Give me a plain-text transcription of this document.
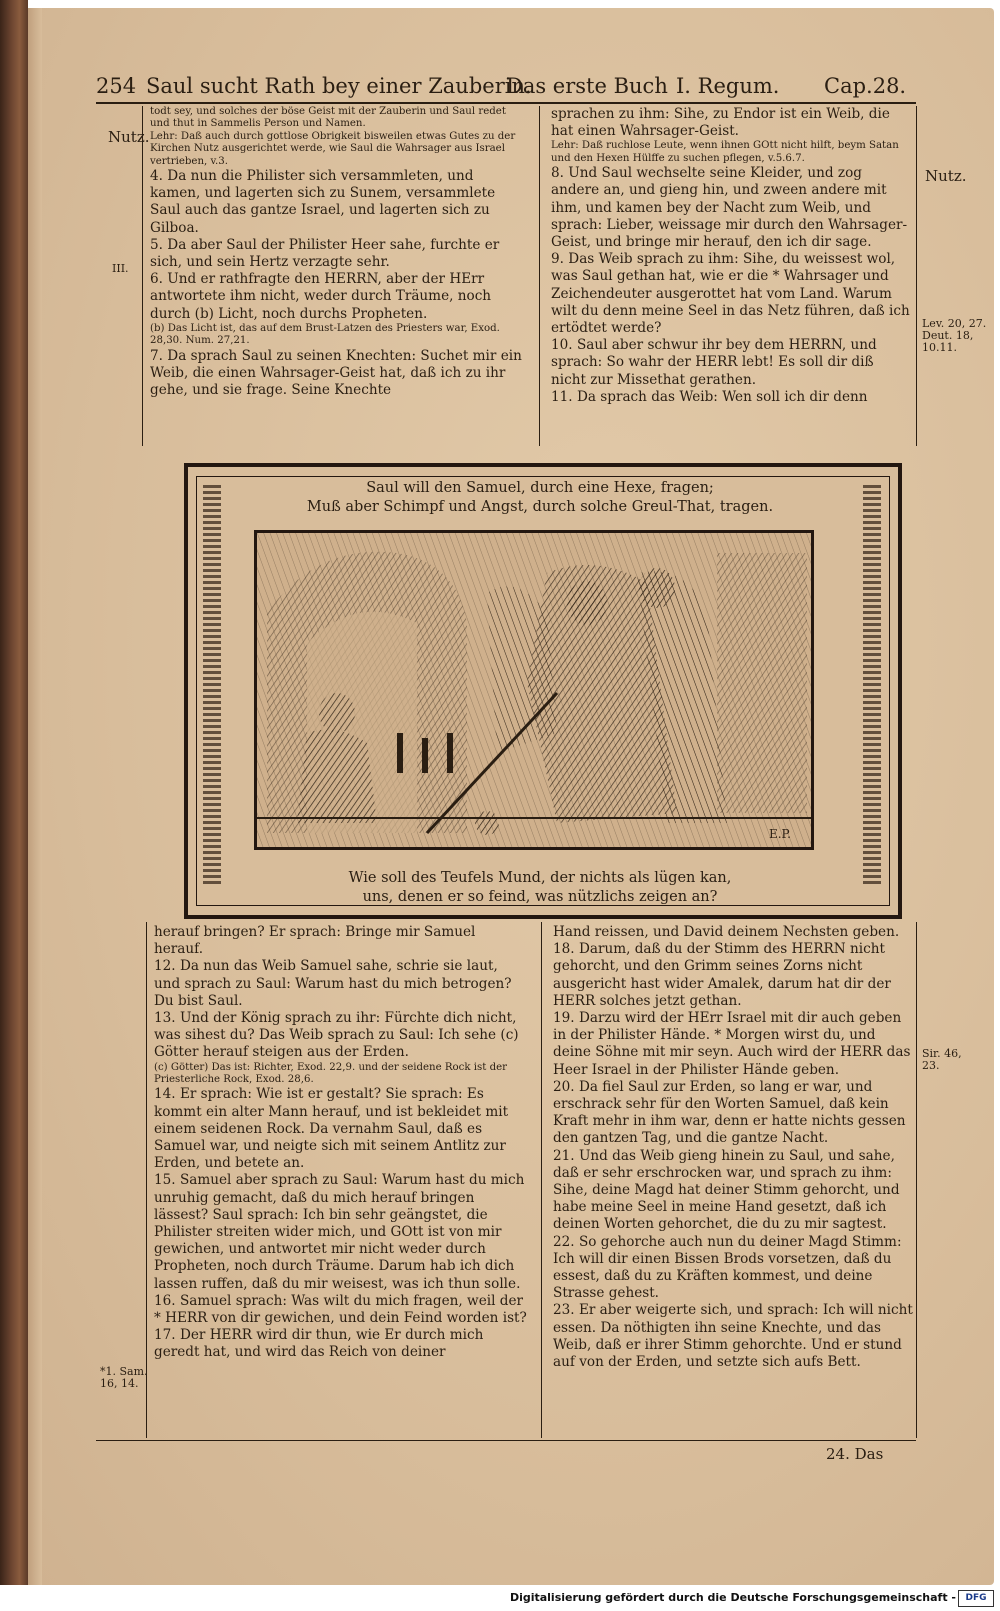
254 Saul sucht Rath bey einer Zauberin.
Das erste Buch I. Regum. Cap.28.

todt sey, und solches der böse Geist mit der Zauberin und Saul redet und thut in Sammelis Person und Namen.

Lehr: Daß auch durch gottlose Obrigkeit bisweilen etwas Gutes zu der Kirchen Nutz ausgerichtet werde, wie Saul die Wahrsager aus Israel vertrieben, v.3.

4. Da nun die Philister sich versammleten, und kamen, und lagerten sich zu Sunem, versammlete Saul auch das gantze Israel, und lagerten sich zu Gilboa.

5. Da aber Saul der Philister Heer sahe, furchte er sich, und sein Hertz verzagte sehr.

6. Und er rathfragte den HERRN, aber der HErr antwortete ihm nicht, weder durch Träume, noch durch (b) Licht, noch durchs Propheten.

(b) Das Licht ist, das auf dem Brust-Latzen des Priesters war, Exod. 28,30. Num. 27,21.

7. Da sprach Saul zu seinen Knechten: Suchet mir ein Weib, die einen Wahrsager-Geist hat, daß ich zu ihr gehe, und sie frage. Seine Knechte

sprachen zu ihm: Sihe, zu Endor ist ein Weib, die hat einen Wahrsager-Geist.

Lehr: Daß ruchlose Leute, wenn ihnen GOtt nicht hilft, beym Satan und den Hexen Hülffe zu suchen pflegen, v.5.6.7.

8. Und Saul wechselte seine Kleider, und zog andere an, und gieng hin, und zween andere mit ihm, und kamen bey der Nacht zum Weib, und sprach: Lieber, weissage mir durch den Wahrsager-Geist, und bringe mir herauf, den ich dir sage.

9. Das Weib sprach zu ihm: Sihe, du weissest wol, was Saul gethan hat, wie er die * Wahrsager und Zeichendeuter ausgerottet hat vom Land. Warum wilt du denn meine Seel in das Netz führen, daß ich ertödtet werde?

10. Saul aber schwur ihr bey dem HERRN, und sprach: So wahr der HERR lebt! Es soll dir diß nicht zur Missethat gerathen.

11. Da sprach das Weib: Wen soll ich dir denn

Saul will den Samuel, durch eine Hexe, fragen;
Muß aber Schimpf und Angst, durch solche Greul-That, tragen.
E.P.
Wie soll des Teufels Mund, der nichts als lügen kan,
uns, denen er so feind, was nützlichs zeigen an?

herauf bringen? Er sprach: Bringe mir Samuel herauf.

12. Da nun das Weib Samuel sahe, schrie sie laut, und sprach zu Saul: Warum hast du mich betrogen? Du bist Saul.

13. Und der König sprach zu ihr: Fürchte dich nicht, was sihest du? Das Weib sprach zu Saul: Ich sehe (c) Götter herauf steigen aus der Erden.

(c) Götter) Das ist: Richter, Exod. 22,9. und der seidene Rock ist der Priesterliche Rock, Exod. 28,6.

14. Er sprach: Wie ist er gestalt? Sie sprach: Es kommt ein alter Mann herauf, und ist bekleidet mit einem seidenen Rock. Da vernahm Saul, daß es Samuel war, und neigte sich mit seinem Antlitz zur Erden, und betete an.

15. Samuel aber sprach zu Saul: Warum hast du mich unruhig gemacht, daß du mich herauf bringen lässest? Saul sprach: Ich bin sehr geängstet, die Philister streiten wider mich, und GOtt ist von mir gewichen, und antwortet mir nicht weder durch Propheten, noch durch Träume. Darum hab ich dich lassen ruffen, daß du mir weisest, was ich thun solle.

16. Samuel sprach: Was wilt du mich fragen, weil der * HERR von dir gewichen, und dein Feind worden ist?

17. Der HERR wird dir thun, wie Er durch mich geredt hat, und wird das Reich von deiner

Hand reissen, und David deinem Nechsten geben.

18. Darum, daß du der Stimm des HERRN nicht gehorcht, und den Grimm seines Zorns nicht ausgericht hast wider Amalek, darum hat dir der HERR solches jetzt gethan.

19. Darzu wird der HErr Israel mit dir auch geben in der Philister Hände. * Morgen wirst du, und deine Söhne mit mir seyn. Auch wird der HERR das Heer Israel in der Philister Hände geben.

20. Da fiel Saul zur Erden, so lang er war, und erschrack sehr für den Worten Samuel, daß kein Kraft mehr in ihm war, denn er hatte nichts gessen den gantzen Tag, und die gantze Nacht.

21. Und das Weib gieng hinein zu Saul, und sahe, daß er sehr erschrocken war, und sprach zu ihm: Sihe, deine Magd hat deiner Stimm gehorcht, und habe meine Seel in meine Hand gesetzt, daß ich deinen Worten gehorchet, die du zu mir sagtest.

22. So gehorche auch nun du deiner Magd Stimm: Ich will dir einen Bissen Brods vorsetzen, daß du essest, daß du zu Kräften kommest, und deine Strasse gehest.

23. Er aber weigerte sich, und sprach: Ich will nicht essen. Da nöthigten ihn seine Knechte, und das Weib, daß er ihrer Stimm gehorchte. Und er stund auf von der Erden, und setzte sich aufs Bett.

24. Das
Nutz.
III.
Nutz.
Lev. 20, 27.
Deut. 18, 10.11.
Sir. 46,
23.
*1. Sam.
16, 14.
Digitalisierung gefördert durch die Deutsche Forschungsgemeinschaft -	DFG
